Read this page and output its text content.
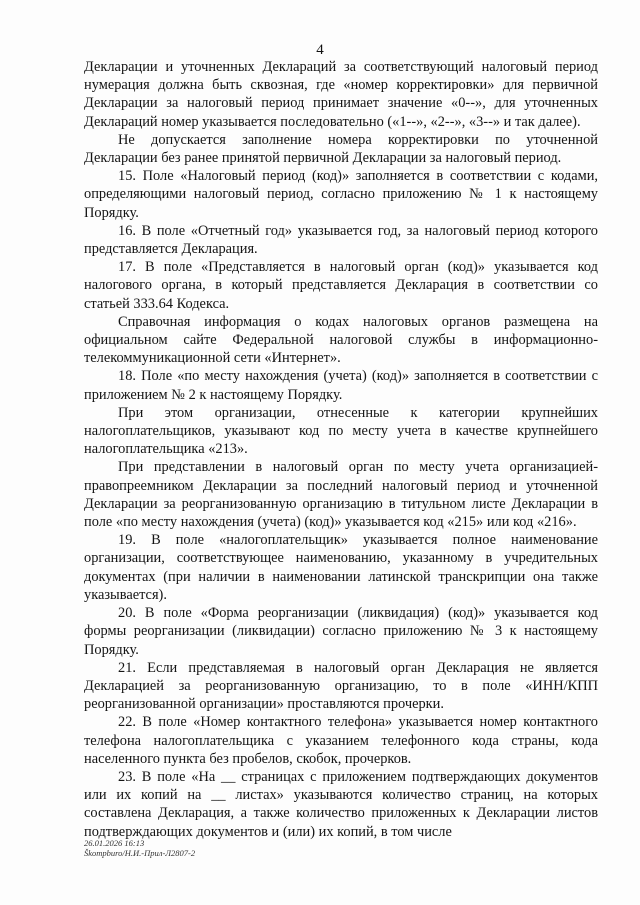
4

Декларации и уточненных Деклараций за соответствующий налоговый период нумерация должна быть сквозная, где «номер корректировки» для первичной Декларации за налоговый период принимает значение «0--», для уточненных Деклараций номер указывается последовательно («1--», «2--», «3--» и так далее).

Не допускается заполнение номера корректировки по уточненной Декларации без ранее принятой первичной Декларации за налоговый период.

15. Поле «Налоговый период (код)» заполняется в соответствии с кодами, определяющими налоговый период, согласно приложению № 1 к настоящему Порядку.

16. В поле «Отчетный год» указывается год, за налоговый период которого представляется Декларация.

17. В поле «Представляется в налоговый орган (код)» указывается код налогового органа, в который представляется Декларация в соответствии со статьей 333.64 Кодекса.

Справочная информация о кодах налоговых органов размещена на официальном сайте Федеральной налоговой службы в информационно-телекоммуникационной сети «Интернет».

18. Поле «по месту нахождения (учета) (код)» заполняется в соответствии с приложением № 2 к настоящему Порядку.

При этом организации, отнесенные к категории крупнейших налогоплательщиков, указывают код по месту учета в качестве крупнейшего налогоплательщика «213».

При представлении в налоговый орган по месту учета организацией-правопреемником Декларации за последний налоговый период и уточненной Декларации за реорганизованную организацию в титульном листе Декларации в поле «по месту нахождения (учета) (код)» указывается код «215» или код «216».

19. В поле «налогоплательщик» указывается полное наименование организации, соответствующее наименованию, указанному в учредительных документах (при наличии в наименовании латинской транскрипции она также указывается).

20. В поле «Форма реорганизации (ликвидация) (код)» указывается код формы реорганизации (ликвидации) согласно приложению № 3 к настоящему Порядку.

21. Если представляемая в налоговый орган Декларация не является Декларацией за реорганизованную организацию, то в поле «ИНН/КПП реорганизованной организации» проставляются прочерки.

22. В поле «Номер контактного телефона» указывается номер контактного телефона налогоплательщика с указанием телефонного кода страны, кода населенного пункта без пробелов, скобок, прочерков.

23. В поле «На __ страницах с приложением подтверждающих документов или их копий на __ листах» указываются количество страниц, на которых составлена Декларация, а также количество приложенных к Декларации листов подтверждающих документов и (или) их копий, в том числе

26.01.2026 16:13
Škompburo/Н.И.-Прил-Л2807-2
